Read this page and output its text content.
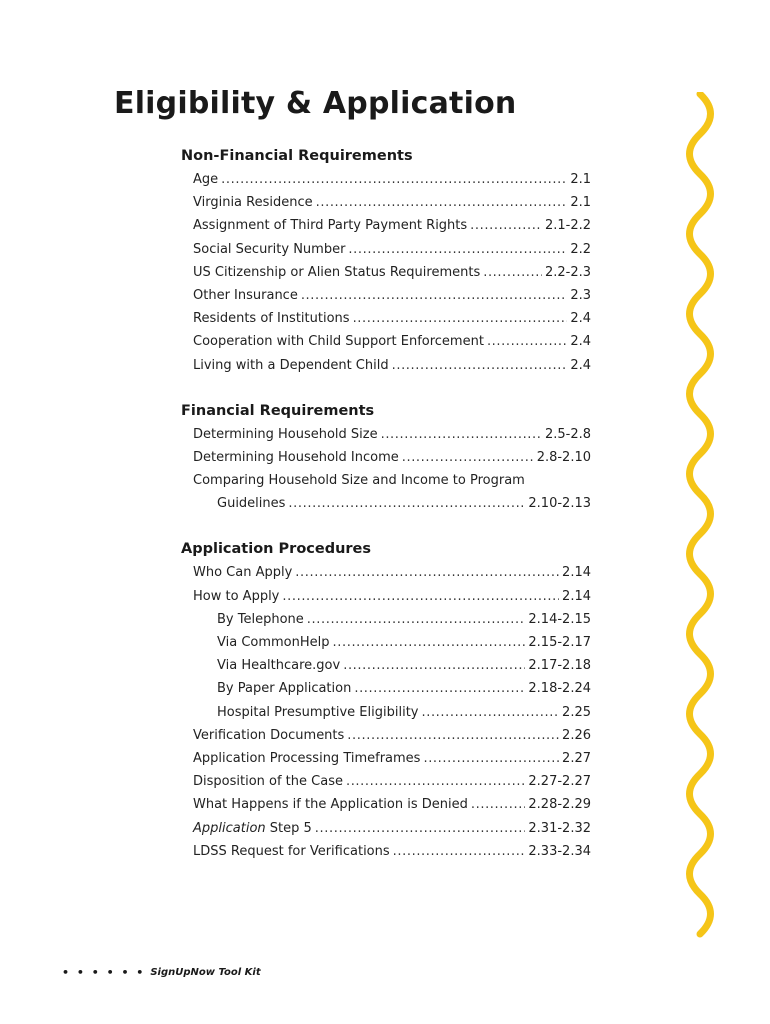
Eligibility & Application
Non-Financial Requirements
Age .....	2.1
Virginia Residence .....	2.1
Assignment of Third Party Payment Rights .....	2.1-2.2
Social Security Number .....	2.2
US Citizenship or Alien Status Requirements .....	2.2-2.3
Other Insurance .....	2.3
Residents of Institutions .....	2.4
Cooperation with Child Support Enforcement .....	2.4
Living with a Dependent Child .....	2.4
Financial Requirements
Determining Household Size .....	2.5-2.8
Determining Household Income .....	2.8-2.10
Comparing Household Size and Income to Program
Guidelines .....	2.10-2.13
Application Procedures
Who Can Apply .....	2.14
How to Apply .....	2.14
By Telephone .....	2.14-2.15
Via CommonHelp .....	2.15-2.17
Via Healthcare.gov .....	2.17-2.18
By Paper Application .....	2.18-2.24
Hospital Presumptive Eligibility .....	2.25
Verification Documents .....	2.26
Application Processing Timeframes .....	2.27
Disposition of the Case .....	2.27-2.27
What Happens if the Application is Denied .....	2.28-2.29
Application Step 5 .....	2.31-2.32
LDSS Request for Verifications .....	2.33-2.34
• • • • • • SignUpNow Tool Kit
